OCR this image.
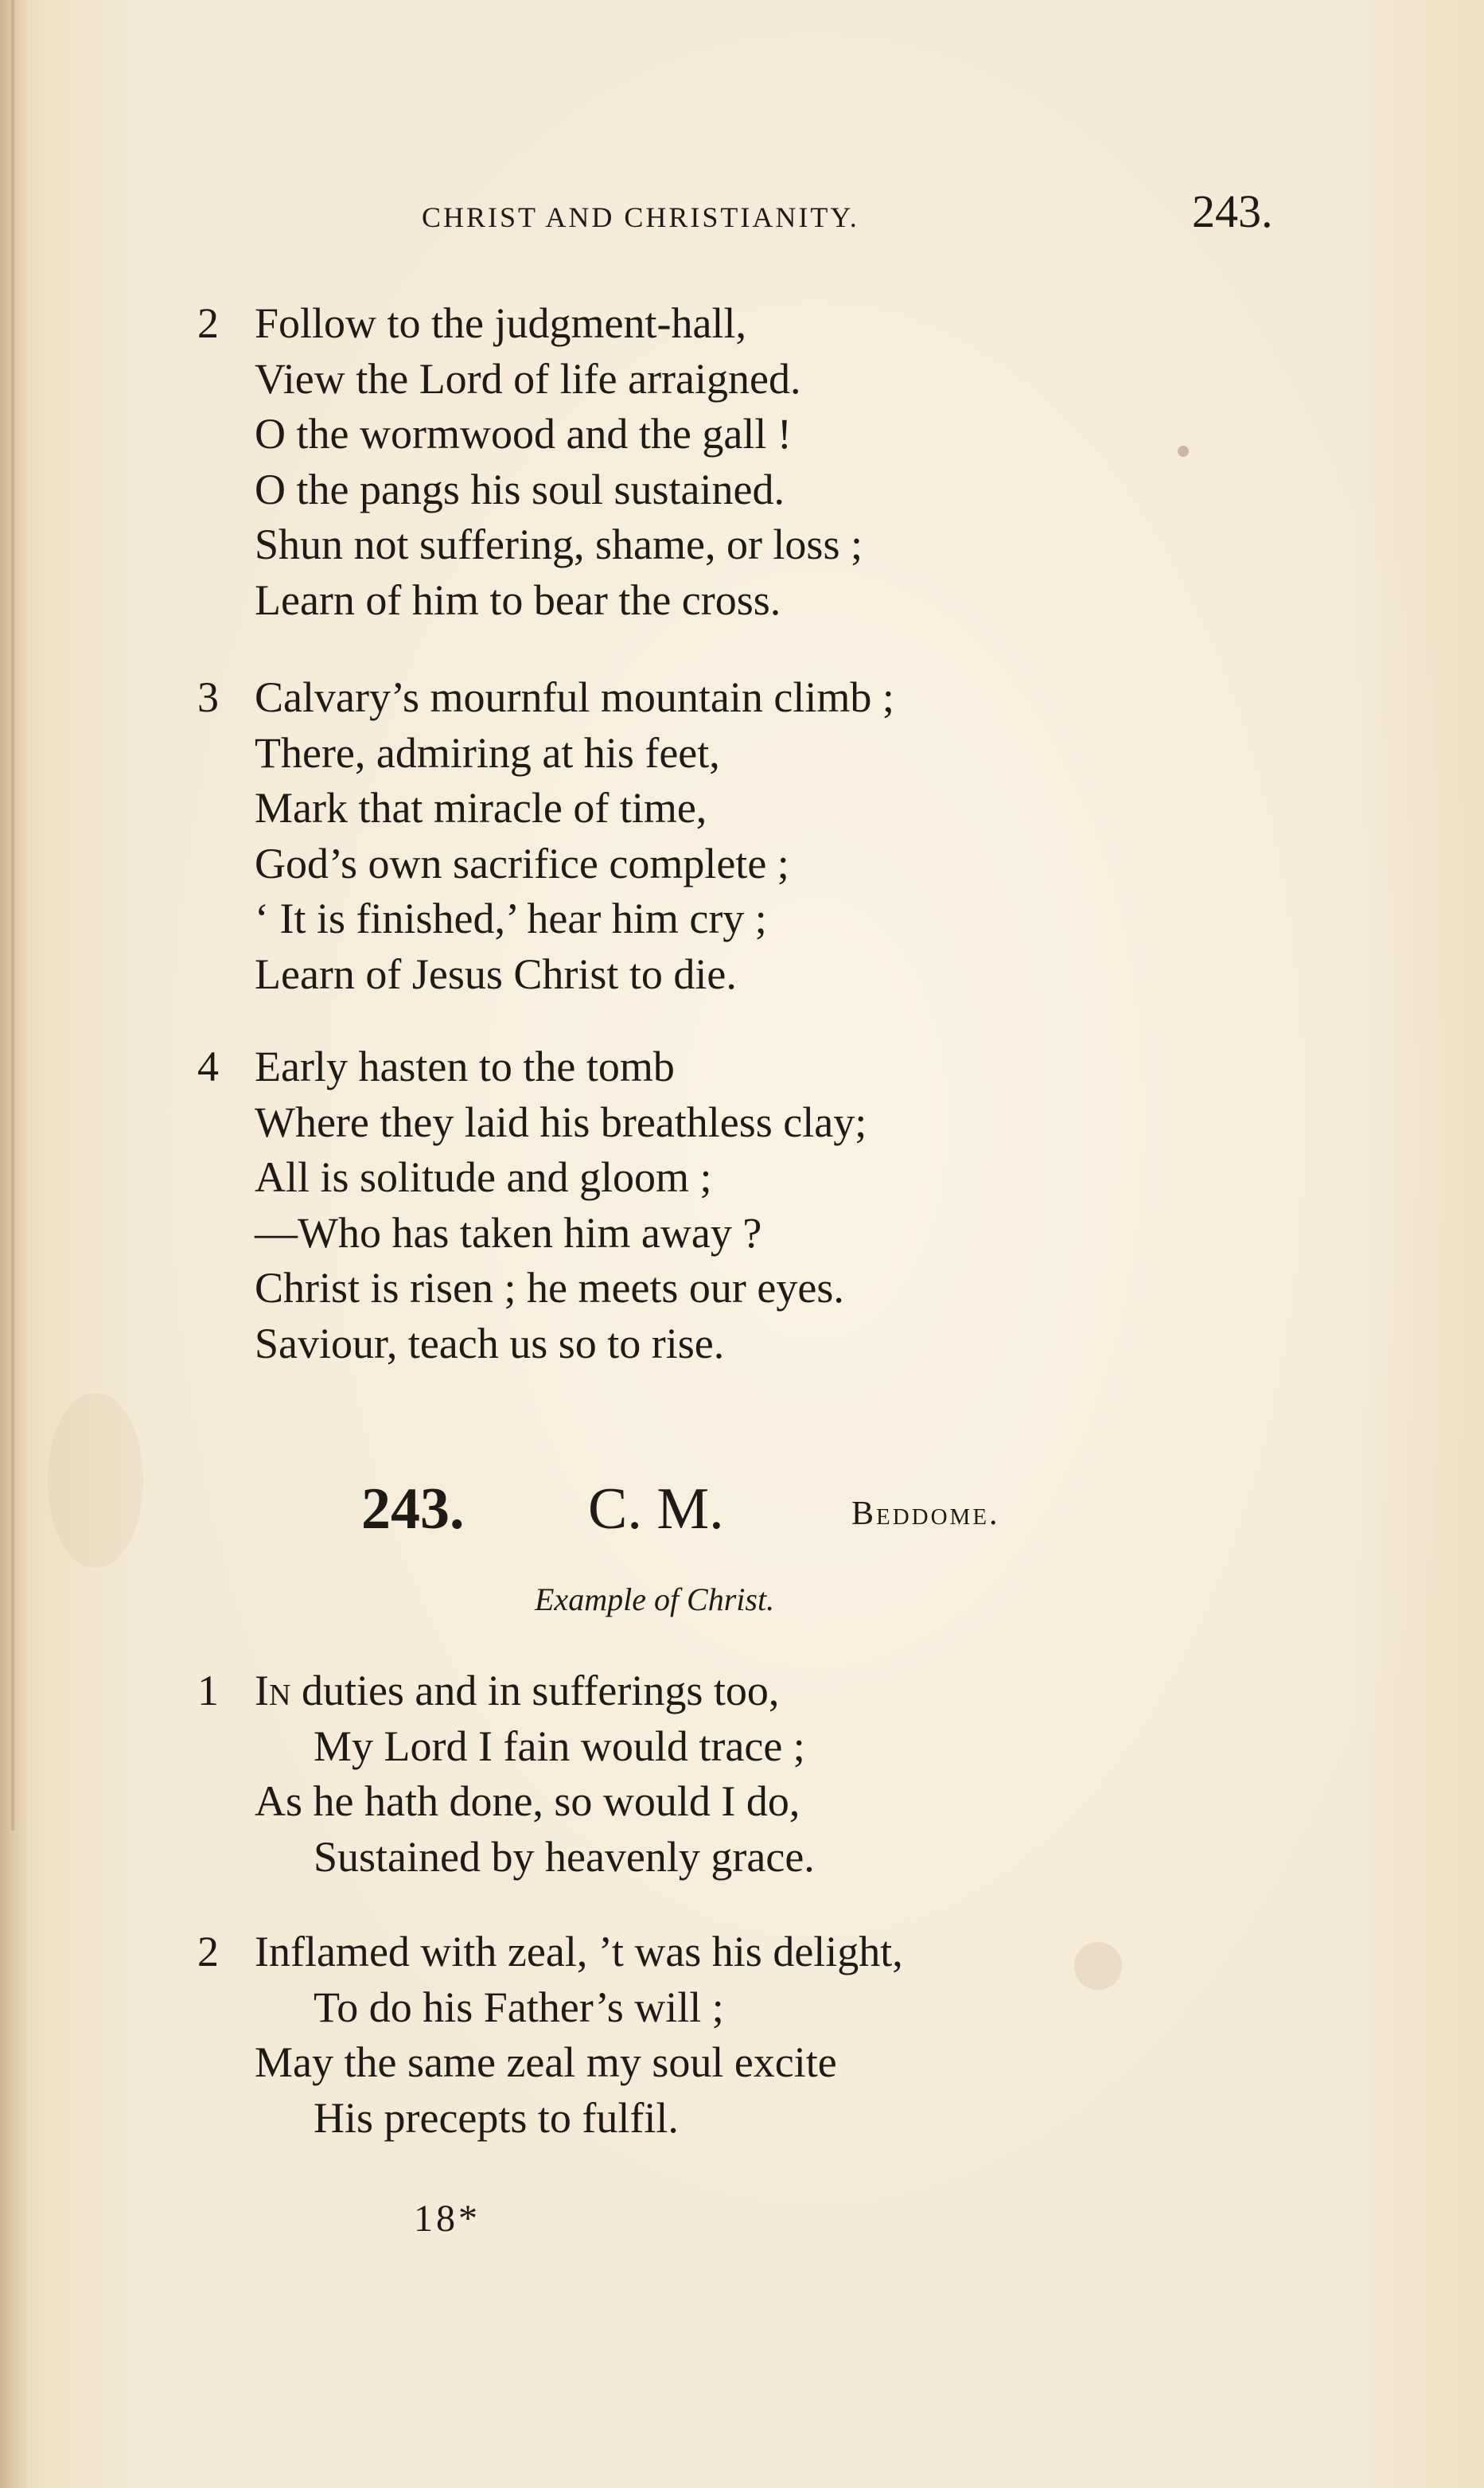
CHRIST AND CHRISTIANITY.	243.
2 Follow to the judgment-hall,
View the Lord of life arraigned.
O the wormwood and the gall !
O the pangs his soul sustained.
Shun not suffering, shame, or loss ;
Learn of him to bear the cross.
3 Calvary’s mournful mountain climb ;
There, admiring at his feet,
Mark that miracle of time,
God’s own sacrifice complete ;
‘ It is finished,’ hear him cry ;
Learn of Jesus Christ to die.
4 Early hasten to the tomb
Where they laid his breathless clay;
All is solitude and gloom ;
—Who has taken him away ?
Christ is risen ; he meets our eyes.
Saviour, teach us so to rise.
243. C. M.	Beddome.
Example of Christ.
1 In duties and in sufferings too,
My Lord I fain would trace ;
As he hath done, so would I do,
Sustained by heavenly grace.
2 Inflamed with zeal, ’t was his delight,
To do his Father’s will ;
May the same zeal my soul excite
His precepts to fulfil.
18*
